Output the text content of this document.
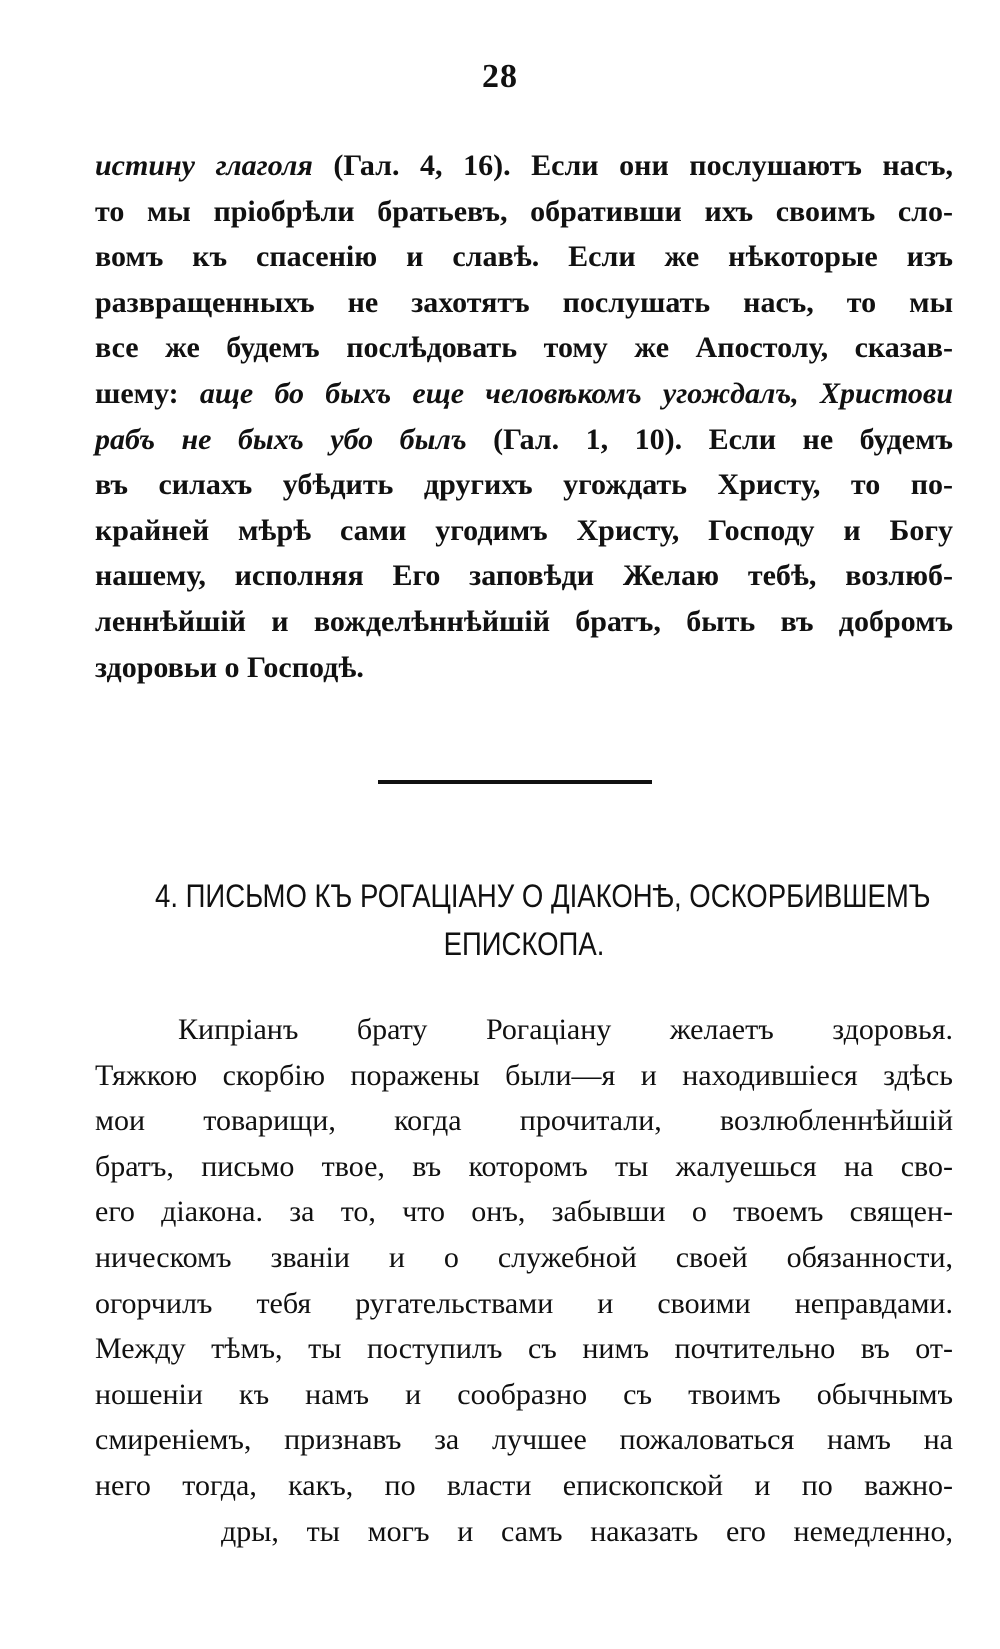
28
истину глаголя (Гал. 4, 16). Если они послушаютъ насъ,
то мы пріобрѣли братьевъ, обративши ихъ своимъ сло-
вомъ къ спасенію и славѣ. Если же нѣкоторые изъ
развращенныхъ не захотятъ послушать насъ, то мы
все же будемъ послѣдовать тому же Апостолу, сказав-
шему: аще бо быхъ еще человѣкомъ угождалъ, Христови
рабъ не быхъ убо былъ (Гал. 1, 10). Если не будемъ
въ силахъ убѣдить другихъ угождать Христу, то по-
крайней мѣрѣ сами угодимъ Христу, Господу и Богу
нашему, исполняя Его заповѣди Желаю тебѣ, возлюб-
леннѣйшій и вожделѣннѣйшій братъ, быть въ добромъ
здоровьи о Господѣ.
4. ПИСЬМО КЪ РОГАЦІАНУ О ДІАКОНѢ, ОСКОРБИВШЕМЪ
ЕПИСКОПА.
Кипріанъ брату Рогаціану желаетъ здоровья.
Тяжкою скорбію поражены были—я и находившіеся здѣсь
мои товарищи, когда прочитали, возлюбленнѣйшій
братъ, письмо твое, въ которомъ ты жалуешься на сво-
его діакона. за то, что онъ, забывши о твоемъ священ-
ническомъ званіи и о служебной своей обязанности,
огорчилъ тебя ругательствами и своими неправдами.
Между тѣмъ, ты поступилъ съ нимъ почтительно въ от-
ношеніи къ намъ и сообразно съ твоимъ обычнымъ
смиреніемъ, признавъ за лучшее пожаловаться намъ на
него тогда, какъ, по власти епископской и по важно-
дры, ты могъ и самъ наказать его немедленно,
